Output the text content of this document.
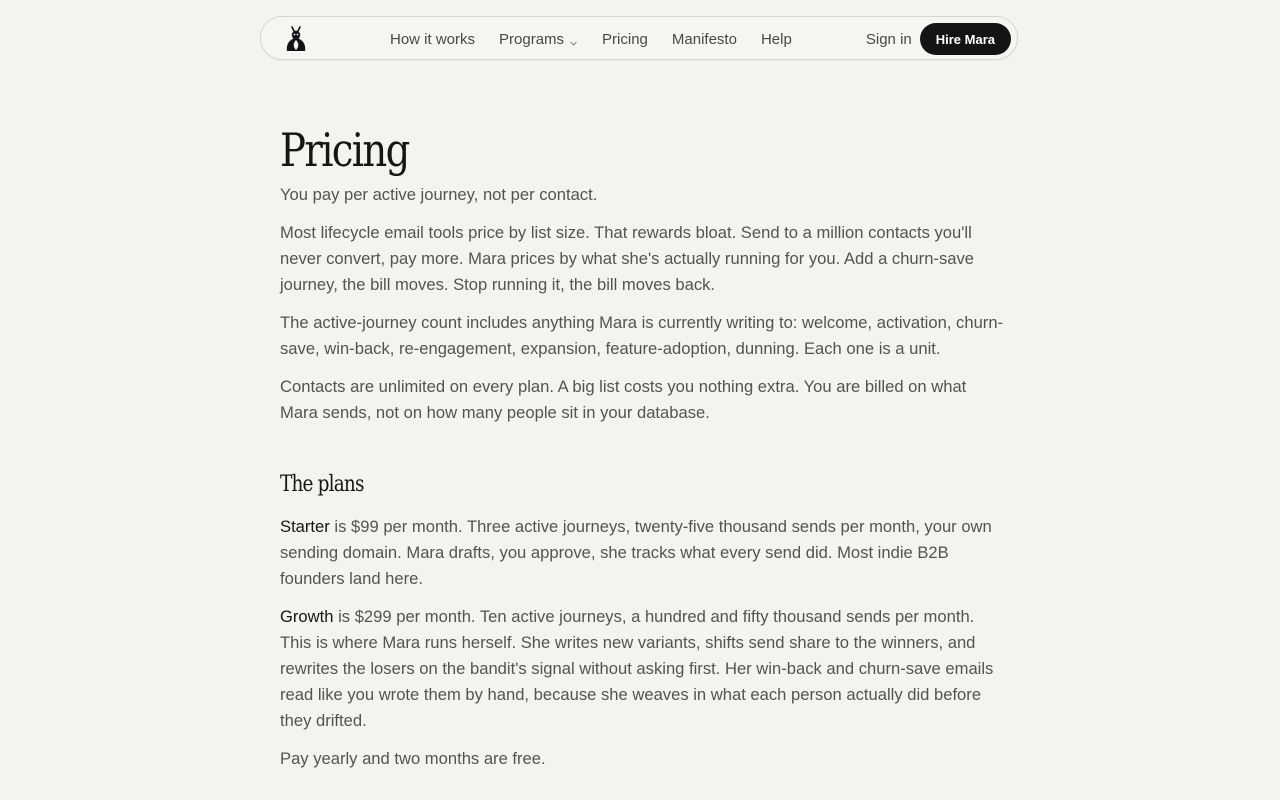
How it works Programs	Pricing Manifesto Help	Sign in	Hire Mara
Pricing

You pay per active journey, not per contact.

Most lifecycle email tools price by list size. That rewards bloat. Send to a million contacts you'll never convert, pay more. Mara prices by what she's actually running for you. Add a churn-save journey, the bill moves. Stop running it, the bill moves back.

The active-journey count includes anything Mara is currently writing to: welcome, activation, churn-save, win-back, re-engagement, expansion, feature-adoption, dunning. Each one is a unit.

Contacts are unlimited on every plan. A big list costs you nothing extra. You are billed on what Mara sends, not on how many people sit in your database.

The plans

Starter is $99 per month. Three active journeys, twenty-five thousand sends per month, your own sending domain. Mara drafts, you approve, she tracks what every send did. Most indie B2B founders land here.

Growth is $299 per month. Ten active journeys, a hundred and fifty thousand sends per month. This is where Mara runs herself. She writes new variants, shifts send share to the winners, and rewrites the losers on the bandit's signal without asking first. Her win-back and churn-save emails read like you wrote them by hand, because she weaves in what each person actually did before they drifted.

Pay yearly and two months are free.
